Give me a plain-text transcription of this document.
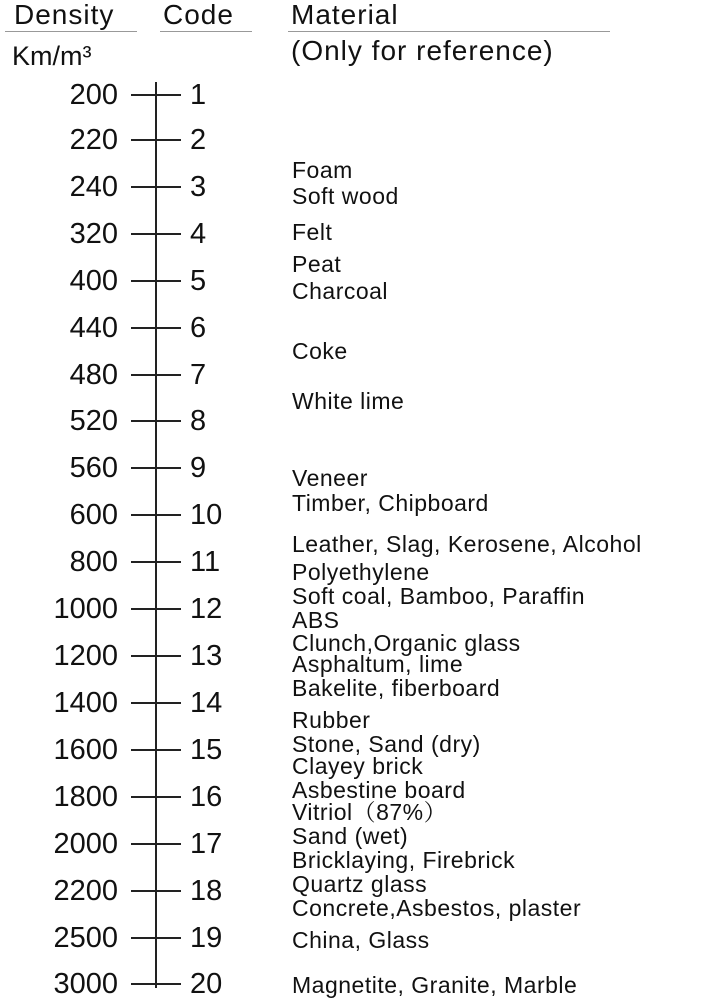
Density Code Material
Km/m³	(Only for reference)
200 1
220 2
240 3
320 4
400 5
440 6
480 7
520 8
560 9
600 10
800 11
1000 12
1200 13
1400 14
1600 15
1800 16
2000 17
2200 18
2500 19
3000 20
Foam
Soft wood
Felt
Peat
Charcoal
Coke
White lime
Veneer
Timber, Chipboard
Leather, Slag, Kerosene, Alcohol
Polyethylene
Soft coal, Bamboo, Paraffin
ABS
Clunch,Organic glass
Asphaltum, lime
Bakelite, fiberboard
Rubber
Stone, Sand (dry)
Clayey brick
Asbestine board
Vitriol（87%）
Sand (wet)
Bricklaying, Firebrick
Quartz glass
Concrete,Asbestos, plaster
China, Glass
Magnetite, Granite, Marble
